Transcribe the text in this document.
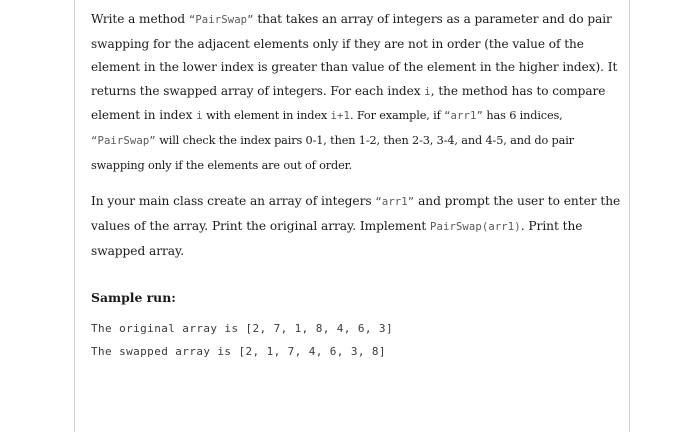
Write a method “PairSwap” that takes an array of integers as a parameter and do pair swapping for the adjacent elements only if they are not in order (the value of the element in the lower index is greater than value of the element in the higher index). It returns the swapped array of integers. For each index i, the method has to compare element in index i with element in index i+1. For example, if “arr1” has 6 indices, “PairSwap” will check the index pairs 0-1, then 1-2, then 2-3, 3-4, and 4-5, and do pair swapping only if the elements are out of order.

In your main class create an array of integers “arr1” and prompt the user to enter the values of the array. Print the original array. Implement PairSwap(arr1). Print the swapped array.

Sample run:

The original array is [2, 7, 1, 8, 4, 6, 3]
The swapped array is [2, 1, 7, 4, 6, 3, 8]
